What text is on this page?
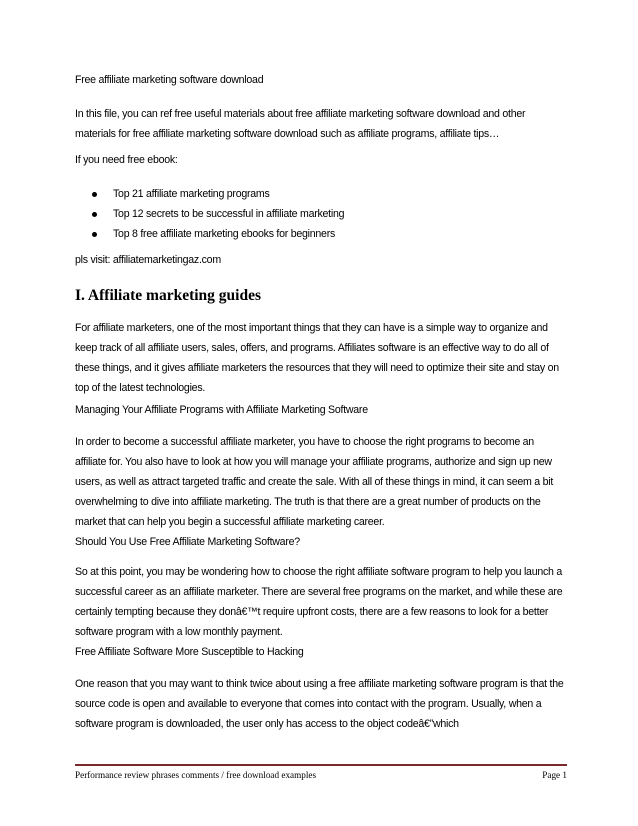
Free affiliate marketing software download

In this file, you can ref free useful materials about free affiliate marketing software download and other materials for free affiliate marketing software download such as affiliate programs, affiliate tips…

If you need free ebook:

Top 21 affiliate marketing programs
Top 12 secrets to be successful in affiliate marketing
Top 8 free affiliate marketing ebooks for beginners

pls visit: affiliatemarketingaz.com

I. Affiliate marketing guides

For affiliate marketers, one of the most important things that they can have is a simple way to organize and keep track of all affiliate users, sales, offers, and programs. Affiliates software is an effective way to do all of these things, and it gives affiliate marketers the resources that they will need to optimize their site and stay on top of the latest technologies.

Managing Your Affiliate Programs with Affiliate Marketing Software

In order to become a successful affiliate marketer, you have to choose the right programs to become an affiliate for. You also have to look at how you will manage your affiliate programs, authorize and sign up new users, as well as attract targeted traffic and create the sale. With all of these things in mind, it can seem a bit overwhelming to dive into affiliate marketing. The truth is that there are a great number of products on the market that can help you begin a successful affiliate marketing career.

Should You Use Free Affiliate Marketing Software?

So at this point, you may be wondering how to choose the right affiliate software program to help you launch a successful career as an affiliate marketer. There are several free programs on the market, and while these are certainly tempting because they donâ€™t require upfront costs, there are a few reasons to look for a better software program with a low monthly payment.

Free Affiliate Software More Susceptible to Hacking

One reason that you may want to think twice about using a free affiliate marketing software program is that the source code is open and available to everyone that comes into contact with the program. Usually, when a software program is downloaded, the user only has access to the object codeâ€”which

Performance review phrases comments / free download examples	Page 1
